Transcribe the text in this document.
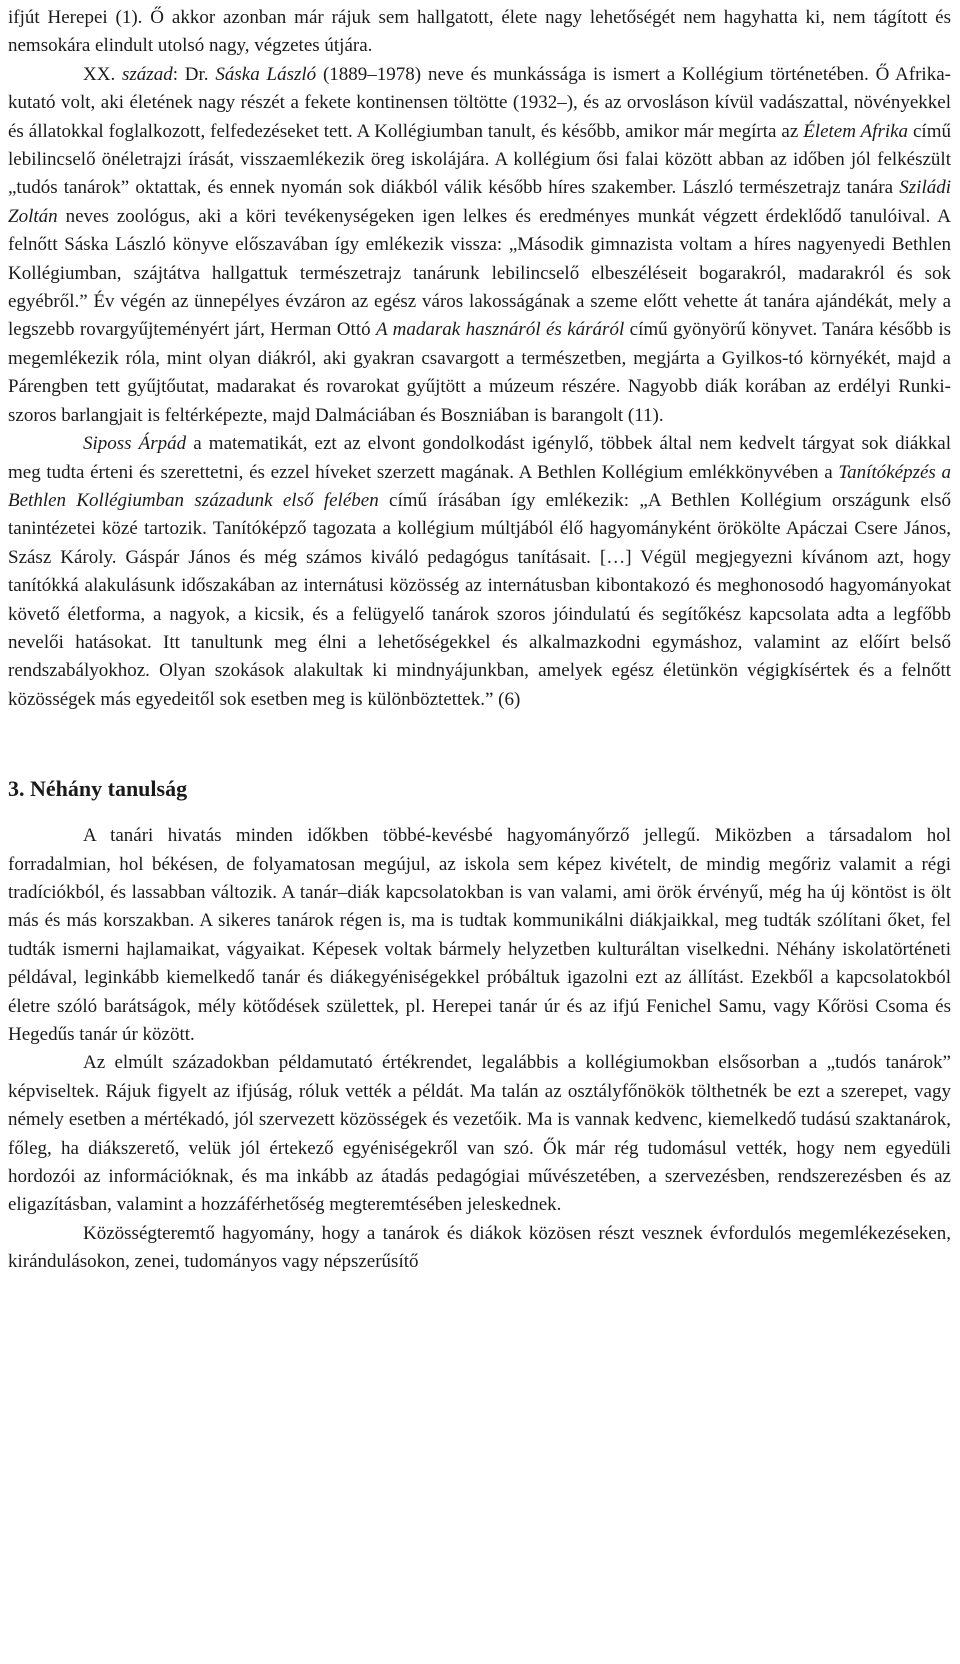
ifjút Herepei (1). Ő akkor azonban már rájuk sem hallgatott, élete nagy lehetőségét nem hagyhatta ki, nem tágított és nemsokára elindult utolsó nagy, végzetes útjára.

XX. század: Dr. Sáska László (1889–1978) neve és munkássága is ismert a Kollégium történetében. Ő Afrika-kutató volt, aki életének nagy részét a fekete kontinensen töltötte (1932–), és az orvosláson kívül vadászattal, növényekkel és állatokkal foglalkozott, felfedezéseket tett. A Kollégiumban tanult, és később, amikor már megírta az Életem Afrika című lebilincselő önéletrajzi írását, visszaemlékezik öreg iskolájára. A kollégium ősi falai között abban az időben jól felkészült „tudós tanárok” oktattak, és ennek nyomán sok diákból válik később híres szakember. László természetrajz tanára Sziládi Zoltán neves zoológus, aki a köri tevékenységeken igen lelkes és eredményes munkát végzett érdeklődő tanulóival. A felnőtt Sáska László könyve előszavában így emlékezik vissza: „Második gimnazista voltam a híres nagyenyedi Bethlen Kollégiumban, szájtátva hallgattuk természetrajz tanárunk lebilincselő elbeszéléseit bogarakról, madarakról és sok egyébről.” Év végén az ünnepélyes évzáron az egész város lakosságának a szeme előtt vehette át tanára ajándékát, mely a legszebb rovargyűjteményért járt, Herman Ottó A madarak hasznáról és káráról című gyönyörű könyvet. Tanára később is megemlékezik róla, mint olyan diákról, aki gyakran csavargott a természetben, megjárta a Gyilkos-tó környékét, majd a Párengben tett gyűjtőutat, madarakat és rovarokat gyűjtött a múzeum részére. Nagyobb diák korában az erdélyi Runki-szoros barlangjait is feltérképezte, majd Dalmáciában és Boszniában is barangolt (11).

Siposs Árpád a matematikát, ezt az elvont gondolkodást igénylő, többek által nem kedvelt tárgyat sok diákkal meg tudta érteni és szerettetni, és ezzel híveket szerzett magának. A Bethlen Kollégium emlékkönyvében a Tanítóképzés a Bethlen Kollégiumban századunk első felében című írásában így emlékezik: „A Bethlen Kollégium országunk első tanintézetei közé tartozik. Tanítóképző tagozata a kollégium múltjából élő hagyományként örökölte Apáczai Csere János, Szász Károly. Gáspár János és még számos kiváló pedagógus tanításait. […] Végül megjegyezni kívánom azt, hogy tanítókká alakulásunk időszakában az internátusi közösség az internátusban kibontakozó és meghonosodó hagyományokat követő életforma, a nagyok, a kicsik, és a felügyelő tanárok szoros jóindulatú és segítőkész kapcsolata adta a legfőbb nevelői hatásokat. Itt tanultunk meg élni a lehetőségekkel és alkalmazkodni egymáshoz, valamint az előírt belső rendszabályokhoz. Olyan szokások alakultak ki mindnyájunkban, amelyek egész életünkön végigkísértek és a felnőtt közösségek más egyedeitől sok esetben meg is különböztettek.” (6)

3. Néhány tanulság

A tanári hivatás minden időkben többé-kevésbé hagyományőrző jellegű. Miközben a társadalom hol forradalmian, hol békésen, de folyamatosan megújul, az iskola sem képez kivételt, de mindig megőriz valamit a régi tradíciókból, és lassabban változik. A tanár–diák kapcsolatokban is van valami, ami örök érvényű, még ha új köntöst is ölt más és más korszakban. A sikeres tanárok régen is, ma is tudtak kommunikálni diákjaikkal, meg tudták szólítani őket, fel tudták ismerni hajlamaikat, vágyaikat. Képesek voltak bármely helyzetben kulturáltan viselkedni. Néhány iskolatörténeti példával, leginkább kiemelkedő tanár és diákegyéniségekkel próbáltuk igazolni ezt az állítást. Ezekből a kapcsolatokból életre szóló barátságok, mély kötődések születtek, pl. Herepei tanár úr és az ifjú Fenichel Samu, vagy Kőrösi Csoma és Hegedűs tanár úr között.

Az elmúlt századokban példamutató értékrendet, legalábbis a kollégiumokban elsősorban a „tudós tanárok” képviseltek. Rájuk figyelt az ifjúság, róluk vették a példát. Ma talán az osztályfőnökök tölthetnék be ezt a szerepet, vagy némely esetben a mértékadó, jól szervezett közösségek és vezetőik. Ma is vannak kedvenc, kiemelkedő tudású szaktanárok, főleg, ha diákszerető, velük jól értekező egyéniségekről van szó. Ők már rég tudomásul vették, hogy nem egyedüli hordozói az információknak, és ma inkább az átadás pedagógiai művészetében, a szervezésben, rendszerezésben és az eligazításban, valamint a hozzáférhetőség megteremtésében jeleskednek.

Közösségteremtő hagyomány, hogy a tanárok és diákok közösen részt vesznek évfordulós megemlékezéseken, kirándulásokon, zenei, tudományos vagy népszerűsítő
